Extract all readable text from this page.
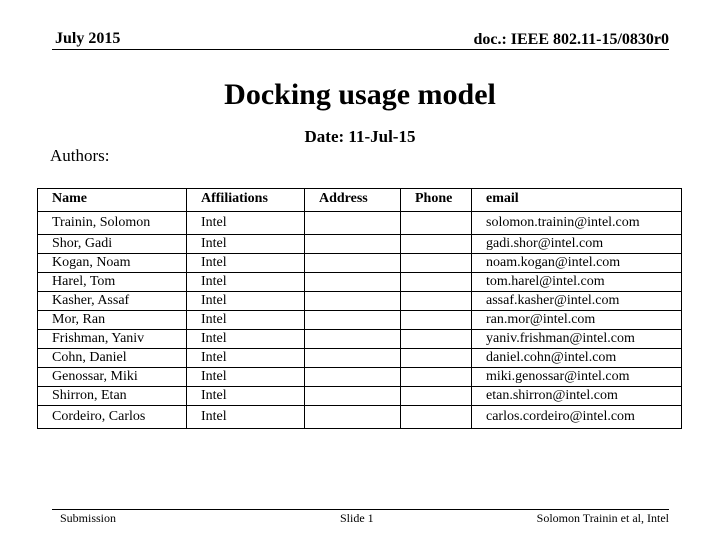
July 2015	doc.: IEEE 802.11-15/0830r0
Docking usage model
Date: 11-Jul-15
Authors:
Name	Affiliations	Address	Phone	email
Trainin, Solomon	Intel			solomon.trainin@intel.com
Shor, Gadi	Intel			gadi.shor@intel.com
Kogan, Noam	Intel			noam.kogan@intel.com
Harel, Tom	Intel			tom.harel@intel.com
Kasher, Assaf	Intel			assaf.kasher@intel.com
Mor, Ran	Intel			ran.mor@intel.com
Frishman, Yaniv	Intel			yaniv.frishman@intel.com
Cohn, Daniel	Intel			daniel.cohn@intel.com
Genossar, Miki	Intel			miki.genossar@intel.com
Shirron, Etan	Intel			etan.shirron@intel.com
Cordeiro, Carlos	Intel			carlos.cordeiro@intel.com
Submission	Slide 1	Solomon Trainin et al, Intel
